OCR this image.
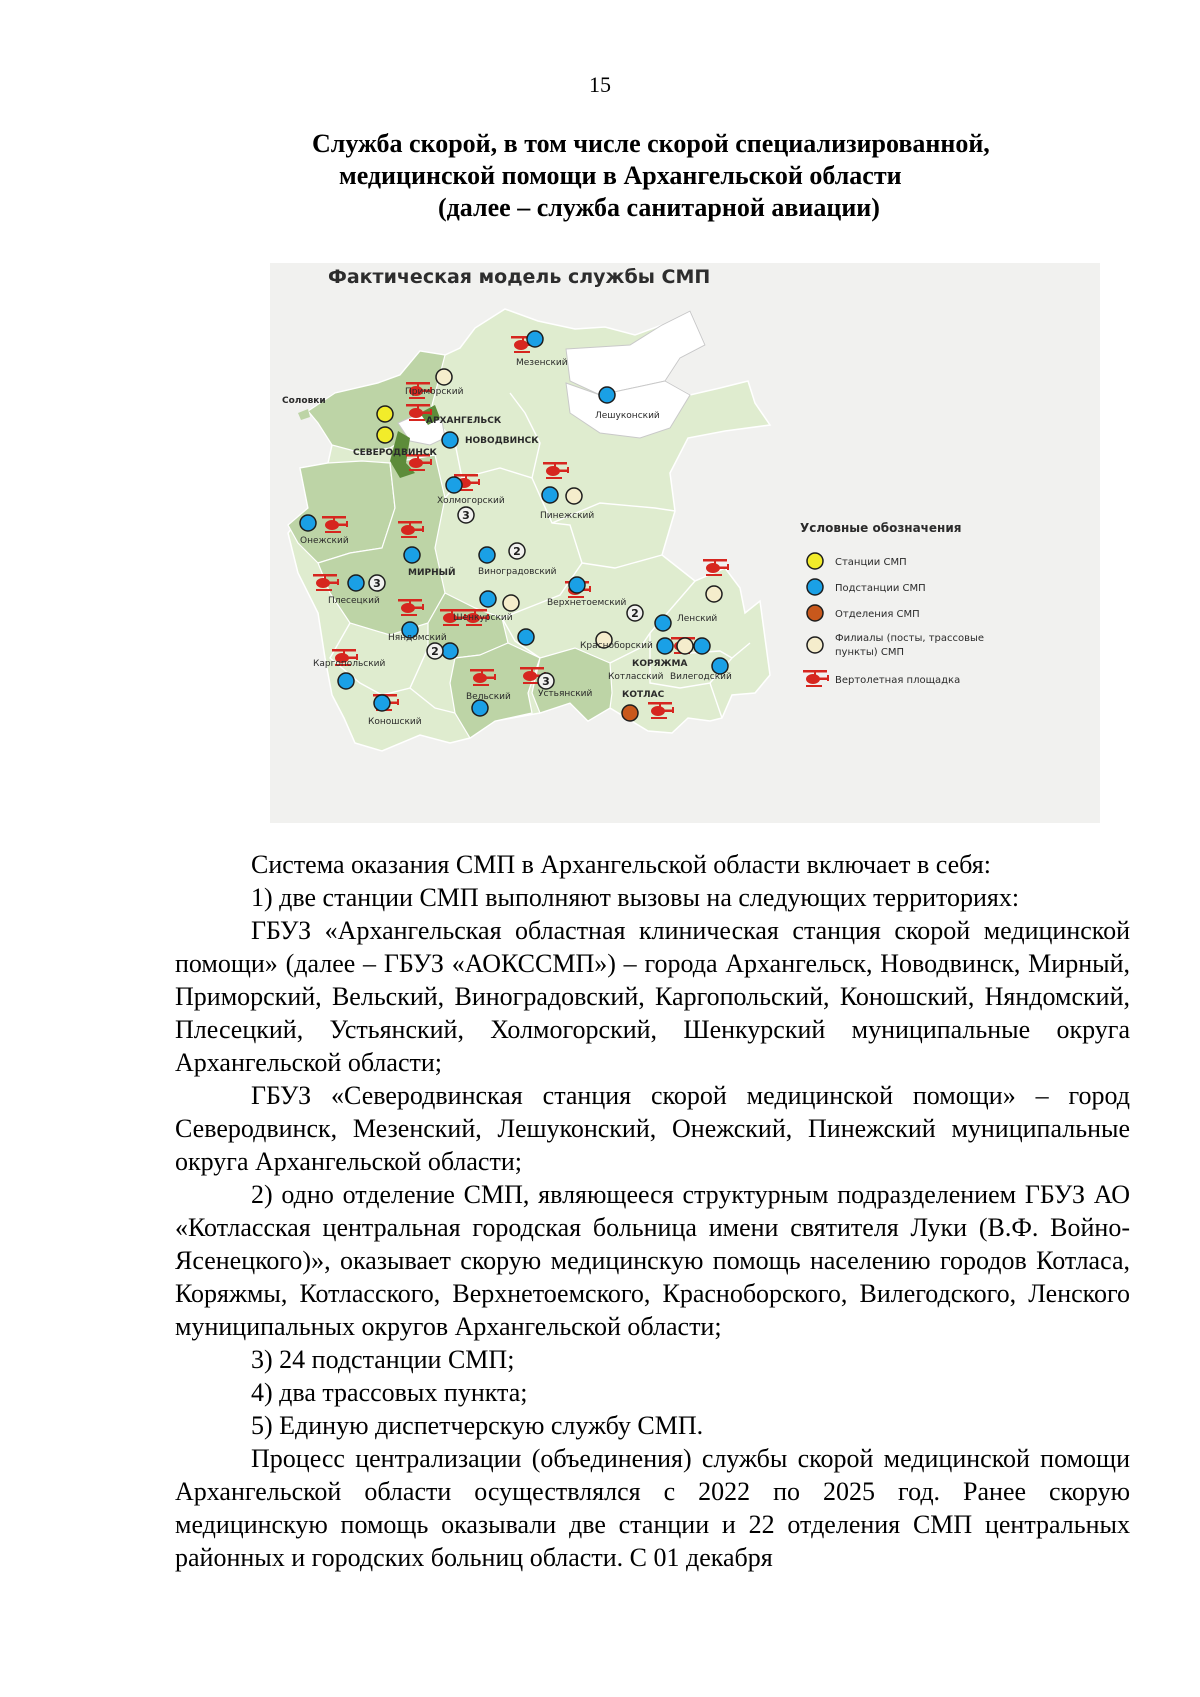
15
Служба скорой, в том числе скорой специализированной,
медицинской помощи в Архангельской области
(далее – служба санитарной авиации)
Фактическая модель службы СМП
3
2
3
2
2
3
Соловки
Мезенский
Приморский
АРХАНГЕЛЬСК
НОВОДВИНСК
СЕВЕРОДВИНСК
Лешуконский
Холмогорский
Пинежский
Онежский
МИРНЫЙ	Виноградовский
Плесецкий	Верхнетоемский
Шенкурский
Няндомский
Красноборский
Ленский
Каргопольский	КОРЯЖМА
Котласский Вилегодский
Устьянский
Вельский
Коношский
КОТЛАС
Условные обозначения
Станции СМП
Подстанции СМП
Отделения СМП
Филиалы (посты, трассовые
пункты) СМП
Вертолетная площадка

Система оказания СМП в Архангельской области включает в себя:

1) две станции СМП выполняют вызовы на следующих территориях:

ГБУЗ «Архангельская областная клиническая станция скорой медицинской помощи» (далее – ГБУЗ «АОКССМП») – города Архангельск, Новодвинск, Мирный, Приморский, Вельский, Виноградовский, Каргопольский, Коношский, Няндомский, Плесецкий, Устьянский, Холмогорский, Шенкурский муниципальные округа Архангельской области;

ГБУЗ «Северодвинская станция скорой медицинской помощи» – город Северодвинск, Мезенский, Лешуконский, Онежский, Пинежский муниципальные округа Архангельской области;

2) одно отделение СМП, являющееся структурным подразделением ГБУЗ АО «Котласская центральная городская больница имени святителя Луки (В.Ф. Войно-Ясенецкого)», оказывает скорую медицинскую помощь населению городов Котласа, Коряжмы, Котласского, Верхнетоемского, Красноборского, Вилегодского, Ленского муниципальных округов Архангельской области;

3) 24 подстанции СМП;

4) два трассовых пункта;

5) Единую диспетчерскую службу СМП.

Процесс централизации (объединения) службы скорой медицинской помощи Архангельской области осуществлялся с 2022 по 2025 год. Ранее скорую медицинскую помощь оказывали две станции и 22 отделения СМП центральных районных и городских больниц области. С 01 декабря
